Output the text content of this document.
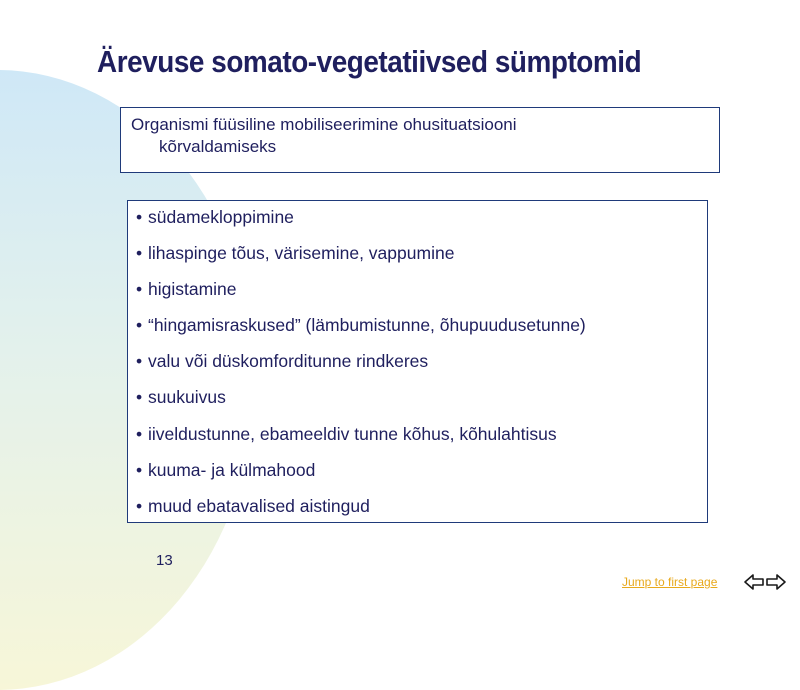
Ärevuse somato-vegetatiivsed sümptomid
Organismi füüsiline mobiliseerimine ohusituatsiooni
kõrvaldamiseks
• südamekloppimine
• lihaspinge tõus, värisemine, vappumine
• higistamine
• “hingamisraskused” (lämbumistunne, õhupuudusetunne)
• valu või düskomforditunne rindkeres
• suukuivus
• iiveldustunne, ebameeldiv tunne kõhus, kõhulahtisus
• kuuma- ja külmahood
• muud ebatavalised aistingud
13
Jump to first page
